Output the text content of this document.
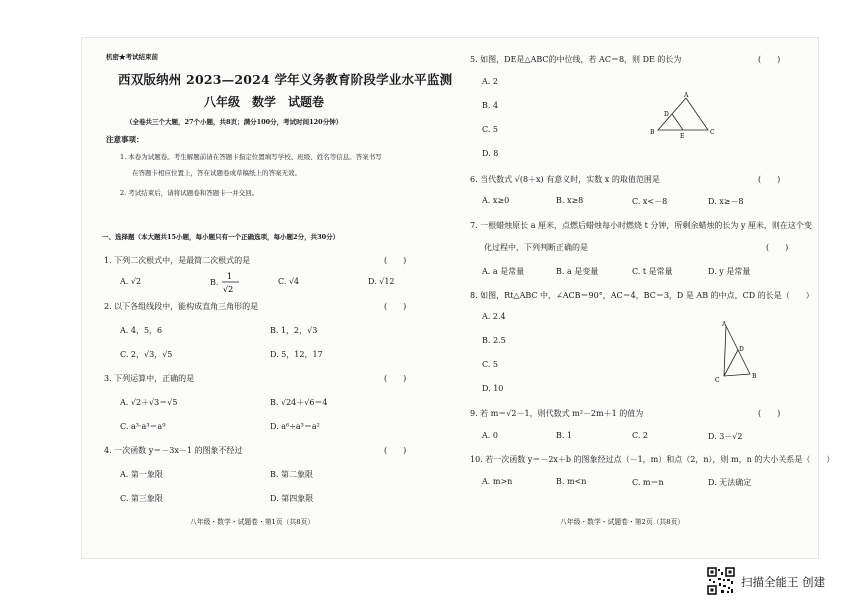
机密★考试结束前
西双版纳州 2023—2024 学年义务教育阶段学业水平监测
八年级　数学　试题卷
（全卷共三个大题，27个小题，共8页；满分100分，考试时间120分钟）
注意事项：
1. 本卷为试题卷。考生解题前请在答题卡指定位置填写学校、班级、姓名等信息。答案书写
在答题卡相应位置上，答在试题卷或草稿纸上的答案无效。
2. 考试结束后，请将试题卷和答题卡一并交回。
一、选择题（本大题共15小题，每小题只有一个正确选项，每小题2分，共30分）
1. 下列二次根式中，是最简二次根式的是	(　　)
A. √2	B.
1
√2
C. √4	D. √12
2. 以下各组线段中，能构成直角三角形的是	(　　)
A. 4，5，6	B. 1，2，√3
C. 2，√3，√5	D. 5，12，17
3. 下列运算中，正确的是	(　　)
A. √2＋√3＝√5	B. √24＋√6＝4
C. a³·a³＝a⁹	D. a⁶÷a³＝a²
4. 一次函数 y＝－3x－1 的图象不经过	(　　)
A. 第一象限	B. 第二象限
C. 第三象限	D. 第四象限
八年级・数学・试题卷・第1页（共8页）
5. 如图，DE是△ABC的中位线，若 AC＝8，则 DE 的长为	(　　)
A. 2
B. 4
C. 5
D. 8
A
B
D
E
C
6. 当代数式 √(8＋x) 有意义时，实数 x 的取值范围是	(　　)
A. x≥0	B. x≥8	C. x<－8	D. x≥－8
7. 一根蜡烛原长 a 厘米，点燃后蜡烛每小时燃烧 t 分钟，所剩余蜡烛的长为 y 厘米，则在这个变
化过程中，下列判断正确的是	(　　)
A. a 是常量	B. a 是变量	C. t 是常量	D. y 是常量
8. 如图，Rt△ABC 中，∠ACB＝90°，AC＝4，BC＝3，D 是 AB 的中点，CD 的长是（　　）
A. 2.4
B. 2.5
C. 5
D. 10
A
D
C
B
9. 若 m＝√2－1，则代数式 m²－2m＋1 的值为	(　　)
A. 0	B. 1	C. 2	D. 3－√2
10. 若一次函数 y＝－2x＋b 的图象经过点（－1，m）和点（2，n），则 m，n 的大小关系是（　　）
A. m>n	B. m<n	C. m＝n	D. 无法确定
八年级・数学・试题卷・第2页（共8页）
扫描全能王 创建
